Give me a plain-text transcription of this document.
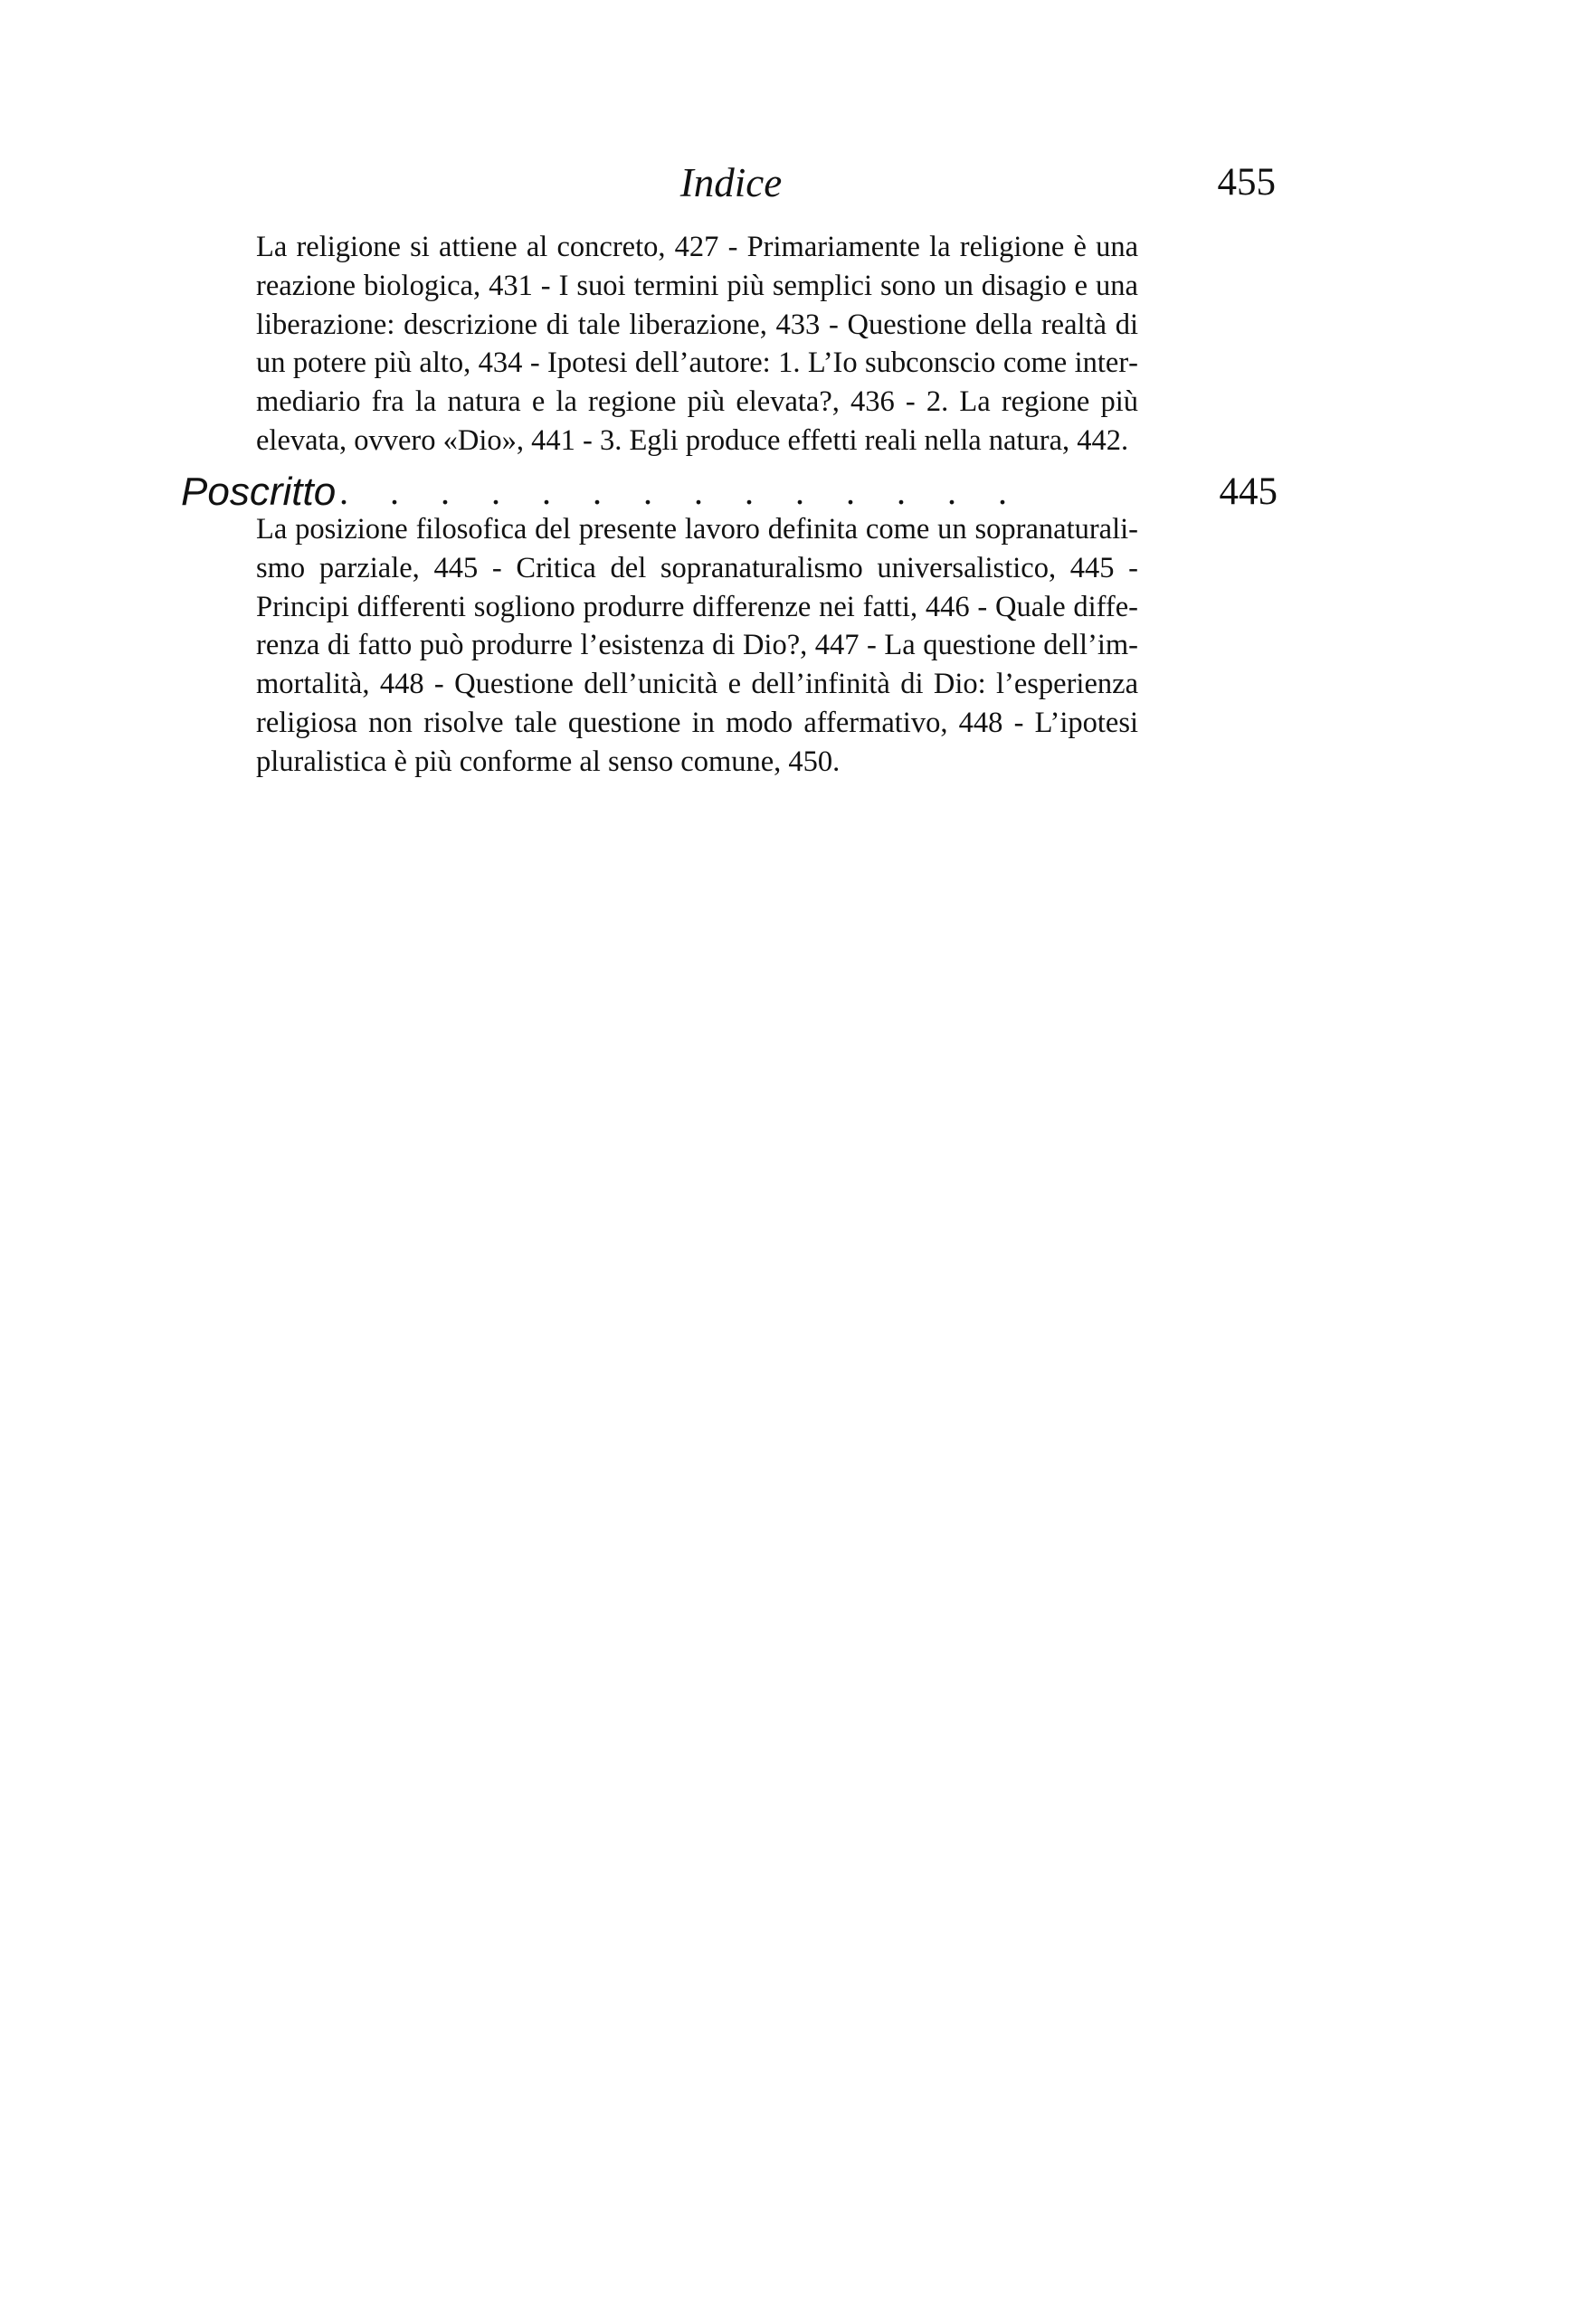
Indice	455

La religione si attiene al concreto, 427 - Primariamente la religione è una reazione biologica, 431 - I suoi termini più semplici sono un disagio e una liberazione: descrizione di tale liberazione, 433 - Questione della realtà di un potere più alto, 434 - Ipotesi dell’autore: 1. L’Io subconscio come intermediario fra la natura e la regione più elevata?, 436 - 2. La regione più elevata, ovvero «Dio», 441 - 3. Egli produce effetti reali nella natura, 442.

Poscritto . . . . . . . . . . . . . .	445

La posizione filosofica del presente lavoro definita come un sopranaturalismo parziale, 445 - Critica del sopranaturalismo universalistico, 445 - Principi differenti sogliono produrre differenze nei fatti, 446 - Quale differenza di fatto può produrre l’esistenza di Dio?, 447 - La questione dell’immortalità, 448 - Questione dell’unicità e dell’infinità di Dio: l’esperienza religiosa non risolve tale questione in modo affermativo, 448 - L’ipotesi pluralistica è più conforme al senso comune, 450.
